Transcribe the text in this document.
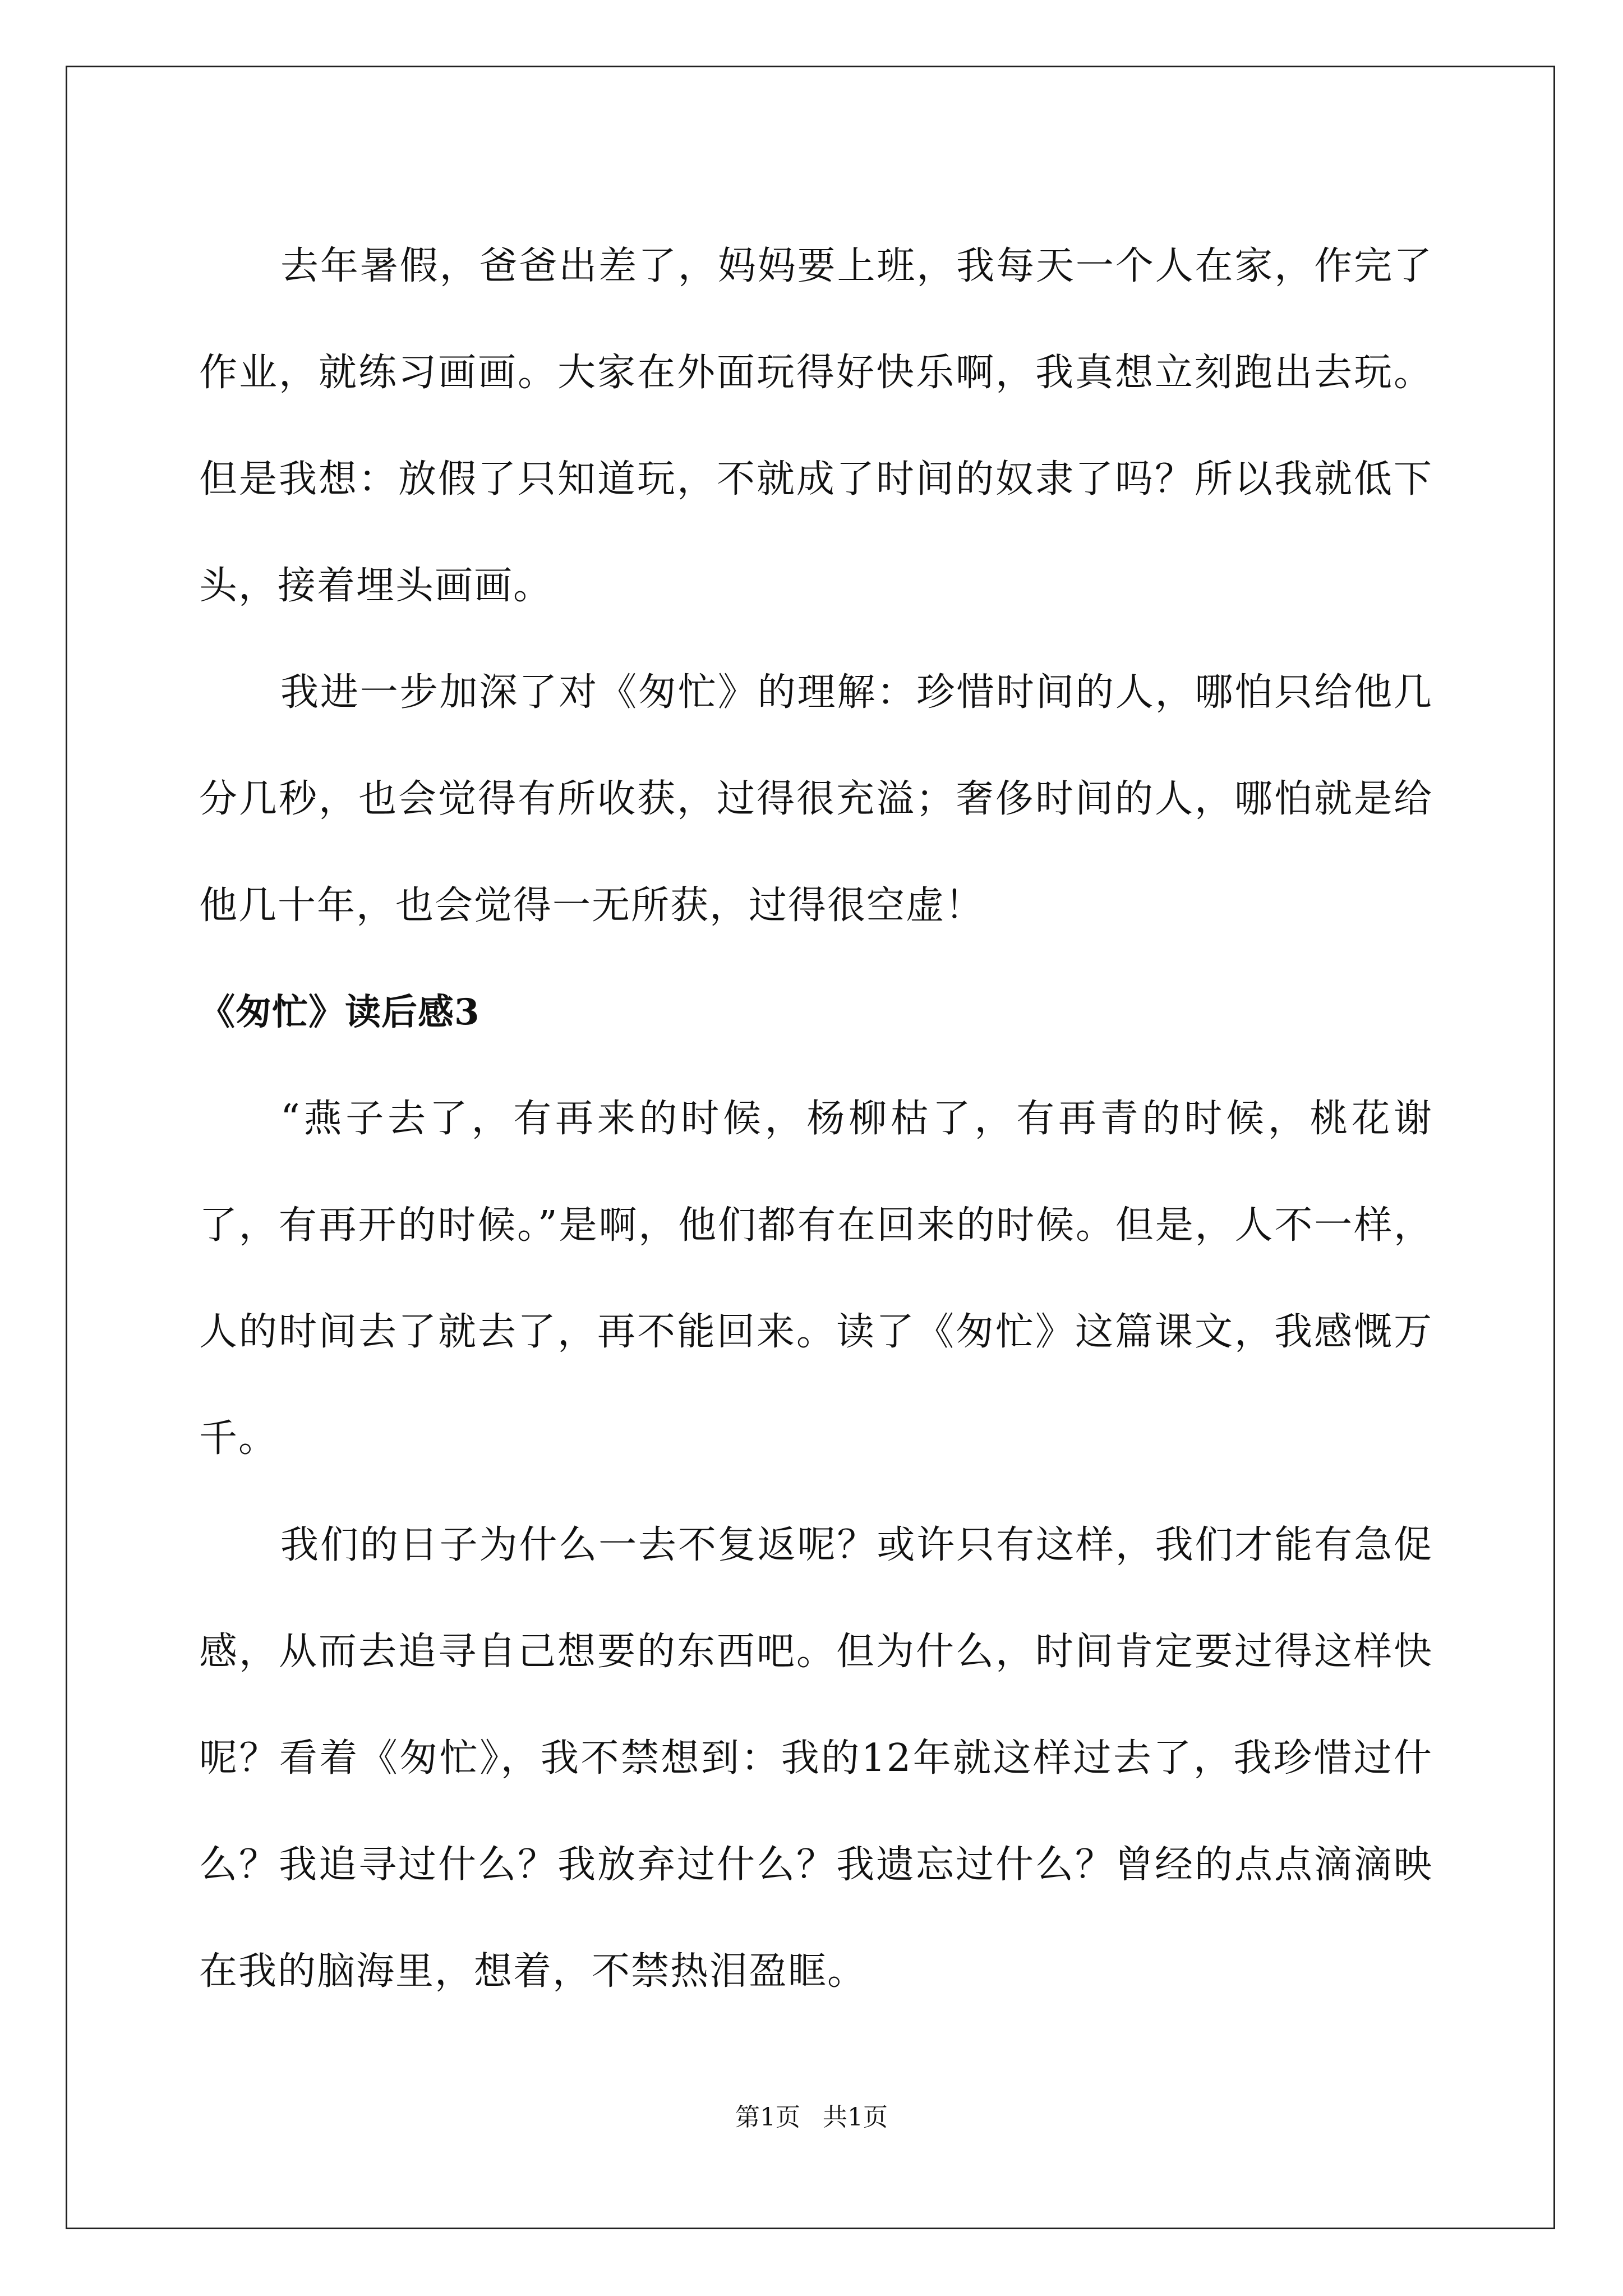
去年暑假，爸爸出差了，妈妈要上班，我每天一个人在家，作完了作业，就练习画画。大家在外面玩得好快乐啊，我真想立刻跑出去玩。但是我想：放假了只知道玩，不就成了时间的奴隶了吗？所以我就低下头，接着埋头画画。

我进一步加深了对《匆忙》的理解：珍惜时间的人，哪怕只给他几分几秒，也会觉得有所收获，过得很充溢；奢侈时间的人，哪怕就是给他几十年，也会觉得一无所获，过得很空虚！

《匆忙》读后感3

“燕子去了，有再来的时候，杨柳枯了，有再青的时候，桃花谢了，有再开的时候。”是啊，他们都有在回来的时候。但是，人不一样，人的时间去了就去了，再不能回来。读了《匆忙》这篇课文，我感慨万千。

我们的日子为什么一去不复返呢？或许只有这样，我们才能有急促感，从而去追寻自己想要的东西吧。但为什么，时间肯定要过得这样快呢？看着《匆忙》，我不禁想到：我的12年就这样过去了，我珍惜过什么？我追寻过什么？我放弃过什么？我遗忘过什么？曾经的点点滴滴映在我的脑海里，想着，不禁热泪盈眶。

第1页 共1页
